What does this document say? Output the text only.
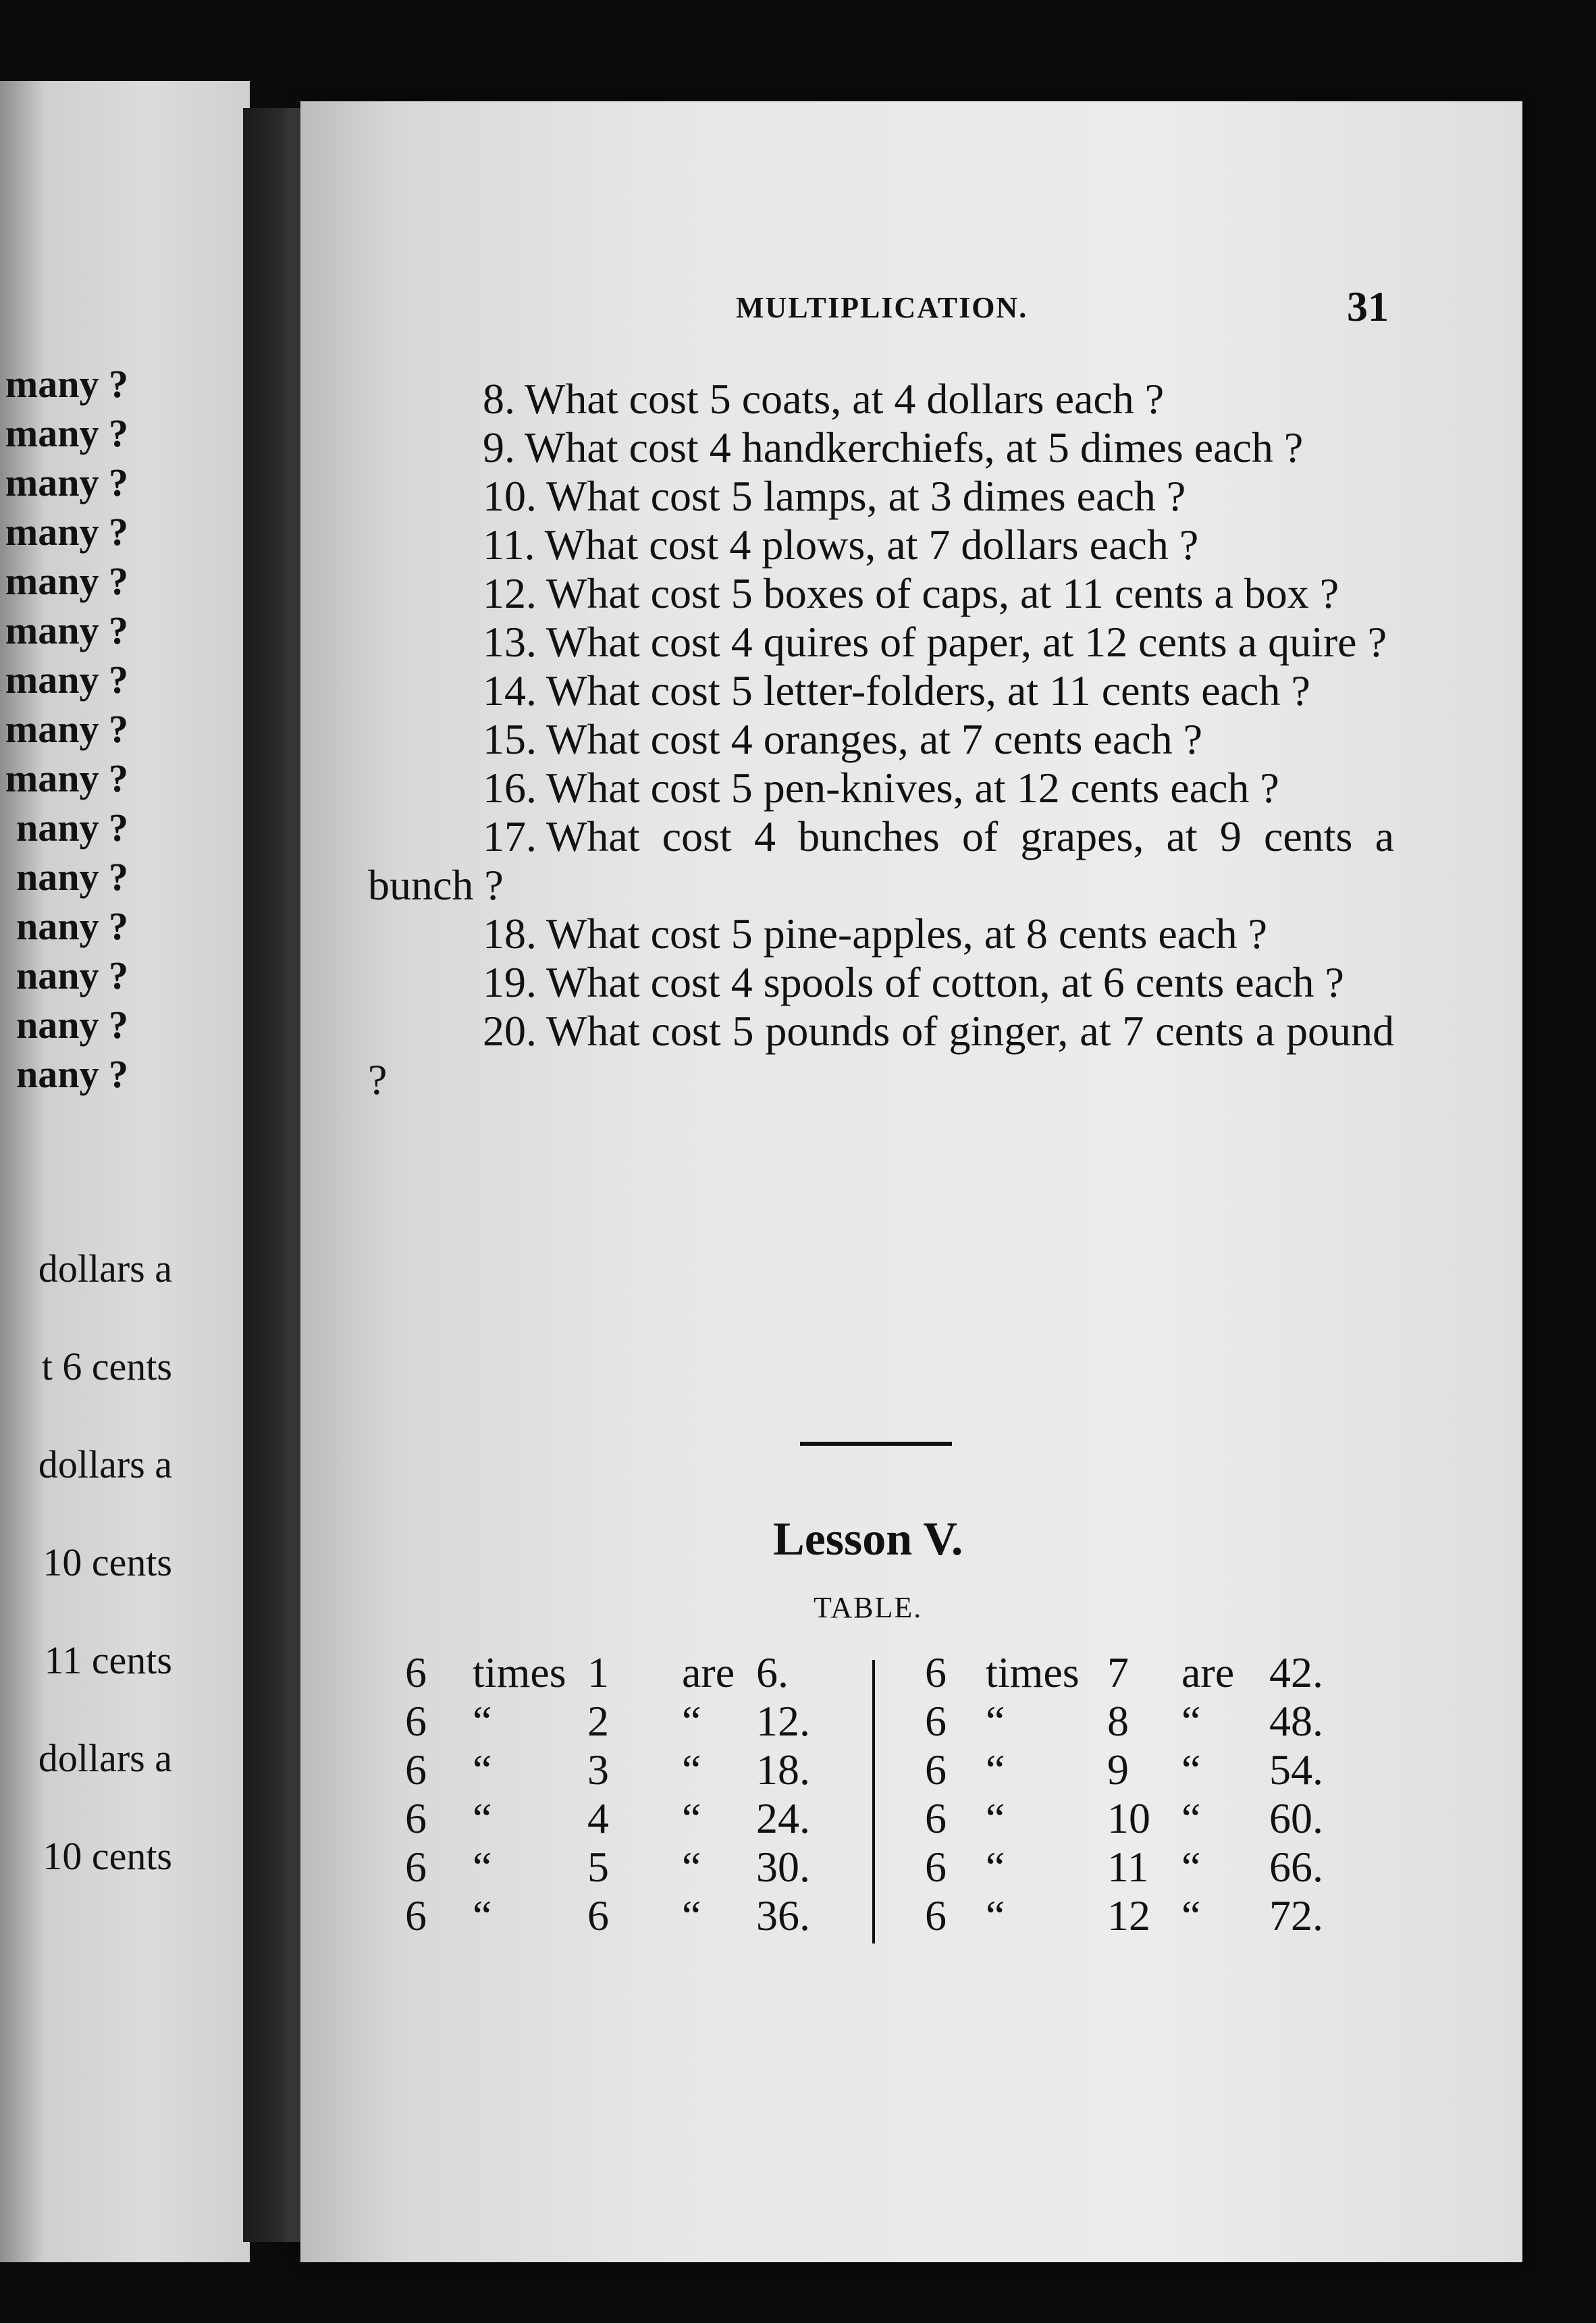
many ?
many ?
many ?
many ?
many ?
many ?
many ?
many ?
many ?
nany ?
nany ?
nany ?
nany ?
nany ?
nany ?
dollars a
t 6 cents
dollars a
10 cents
11 cents
dollars a
10 cents
MULTIPLICATION.	31

8. What cost 5 coats, at 4 dollars each ?

9. What cost 4 handkerchiefs, at 5 dimes each ?

10. What cost 5 lamps, at 3 dimes each ?

11. What cost 4 plows, at 7 dollars each ?

12. What cost 5 boxes of caps, at 11 cents a box ?

13. What cost 4 quires of paper, at 12 cents a quire ?

14. What cost 5 letter-folders, at 11 cents each ?

15. What cost 4 oranges, at 7 cents each ?

16. What cost 5 pen-knives, at 12 cents each ?

17. What cost 4 bunches of grapes, at 9 cents a bunch ?

18. What cost 5 pine-apples, at 8 cents each ?

19. What cost 4 spools of cotton, at 6 cents each ?

20. What cost 5 pounds of ginger, at 7 cents a pound ?

Lesson V.
TABLE.
6 times 1 are 6.
6 “ 2 “ 12.
6 “ 3 “ 18.
6 “ 4 “ 24.
6 “ 5 “ 30.
6 “ 6 “ 36.
6 times 7 are 42.
6 “ 8 “ 48.
6 “ 9 “ 54.
6 “ 10 “ 60.
6 “ 11 “ 66.
6 “ 12 “ 72.
